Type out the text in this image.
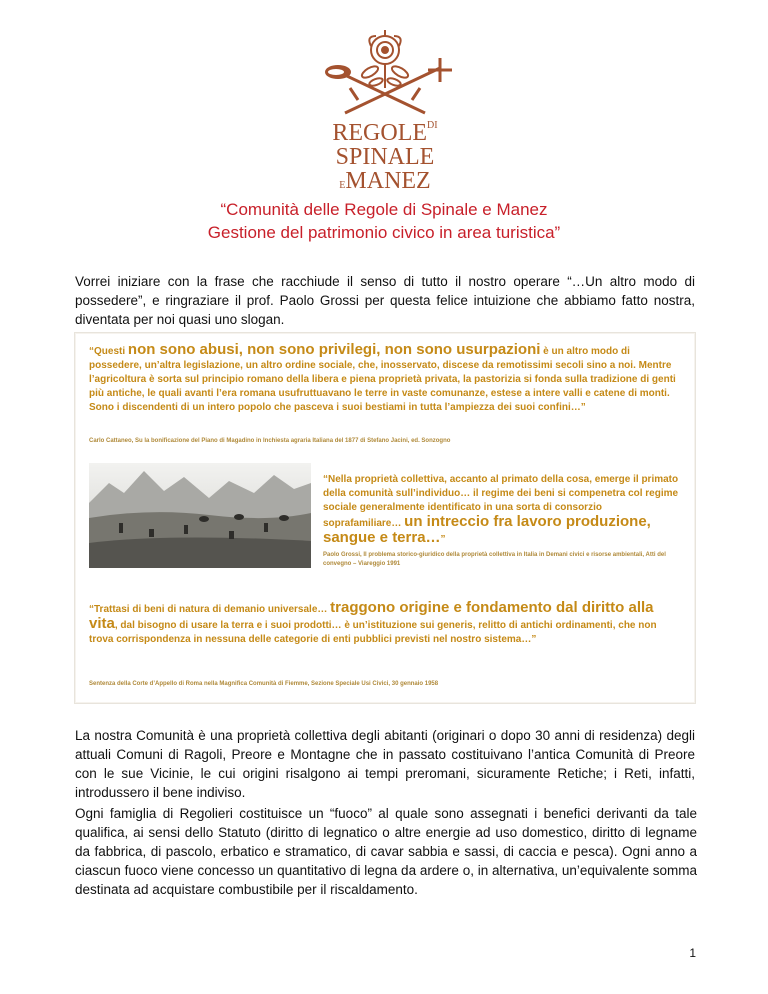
$REGOLE^{DI}$
SPINALE
EMANEZ
“Comunità delle Regole di Spinale e Manez
Gestione del patrimonio civico in area turistica”

Vorrei iniziare con la frase che racchiude il senso di tutto il nostro operare “…Un altro modo di possedere”, e ringraziare il prof. Paolo Grossi per questa felice intuizione che abbiamo fatto nostra, diventata per noi quasi uno slogan.

“Questi non sono abusi, non sono privilegi, non sono usurpazioni è un altro modo di possedere, un’altra legislazione, un altro ordine sociale, che, inosservato, discese da remotissimi secoli sino a noi. Mentre l’agricoltura è sorta sul principio romano della libera e piena proprietà privata, la pastorizia si fonda sulla tradizione di genti più antiche, le quali avanti l’era romana usufruttuavano le terre in vaste comunanze, estese a intere valli e catene di monti. Sono i discendenti di un intero popolo che pasceva i suoi bestiami in tutta l’ampiezza dei suoi confini…”
Carlo Cattaneo, Su la bonificazione del Piano di Magadino in Inchiesta agraria Italiana del 1877 di Stefano Jacini, ed. Sonzogno
“Nella proprietà collettiva, accanto al primato della cosa, emerge il primato della comunità sull’individuo… il regime dei beni si compenetra col regime sociale generalmente identificato in una sorta di consorzio soprafamiliare… un intreccio fra lavoro produzione, sangue e terra…”
Paolo Grossi, Il problema storico-giuridico della proprietà collettiva in Italia in Demani civici e risorse ambientali, Atti del convegno – Viareggio 1991
“Trattasi di beni di natura di demanio universale… traggono origine e fondamento dal diritto alla vita, dal bisogno di usare la terra e i suoi prodotti… è un’istituzione sui generis, relitto di antichi ordinamenti, che non trova corrispondenza in nessuna delle categorie di enti pubblici previsti nel nostro sistema…”
Sentenza della Corte d’Appello di Roma nella Magnifica Comunità di Fiemme, Sezione Speciale Usi Civici, 30 gennaio 1958

La nostra Comunità è una proprietà collettiva degli abitanti (originari o dopo 30 anni di residenza) degli attuali Comuni di Ragoli, Preore e Montagne che in passato costituivano l’antica Comunità di Preore con le sue Vicinie, le cui origini risalgono ai tempi preromani, sicuramente Retiche; i Reti, infatti, introdussero il bene indiviso.

Ogni famiglia di Regolieri costituisce un “fuoco” al quale sono assegnati i benefici derivanti da tale qualifica, ai sensi dello Statuto (diritto di legnatico o altre energie ad uso domestico, diritto di legname da fabbrica, di pascolo, erbatico e stramatico, di cavar sabbia e sassi, di caccia e pesca). Ogni anno a ciascun fuoco viene concesso un quantitativo di legna da ardere o, in alternativa, un’equivalente somma destinata ad acquistare combustibile per il riscaldamento.

1
